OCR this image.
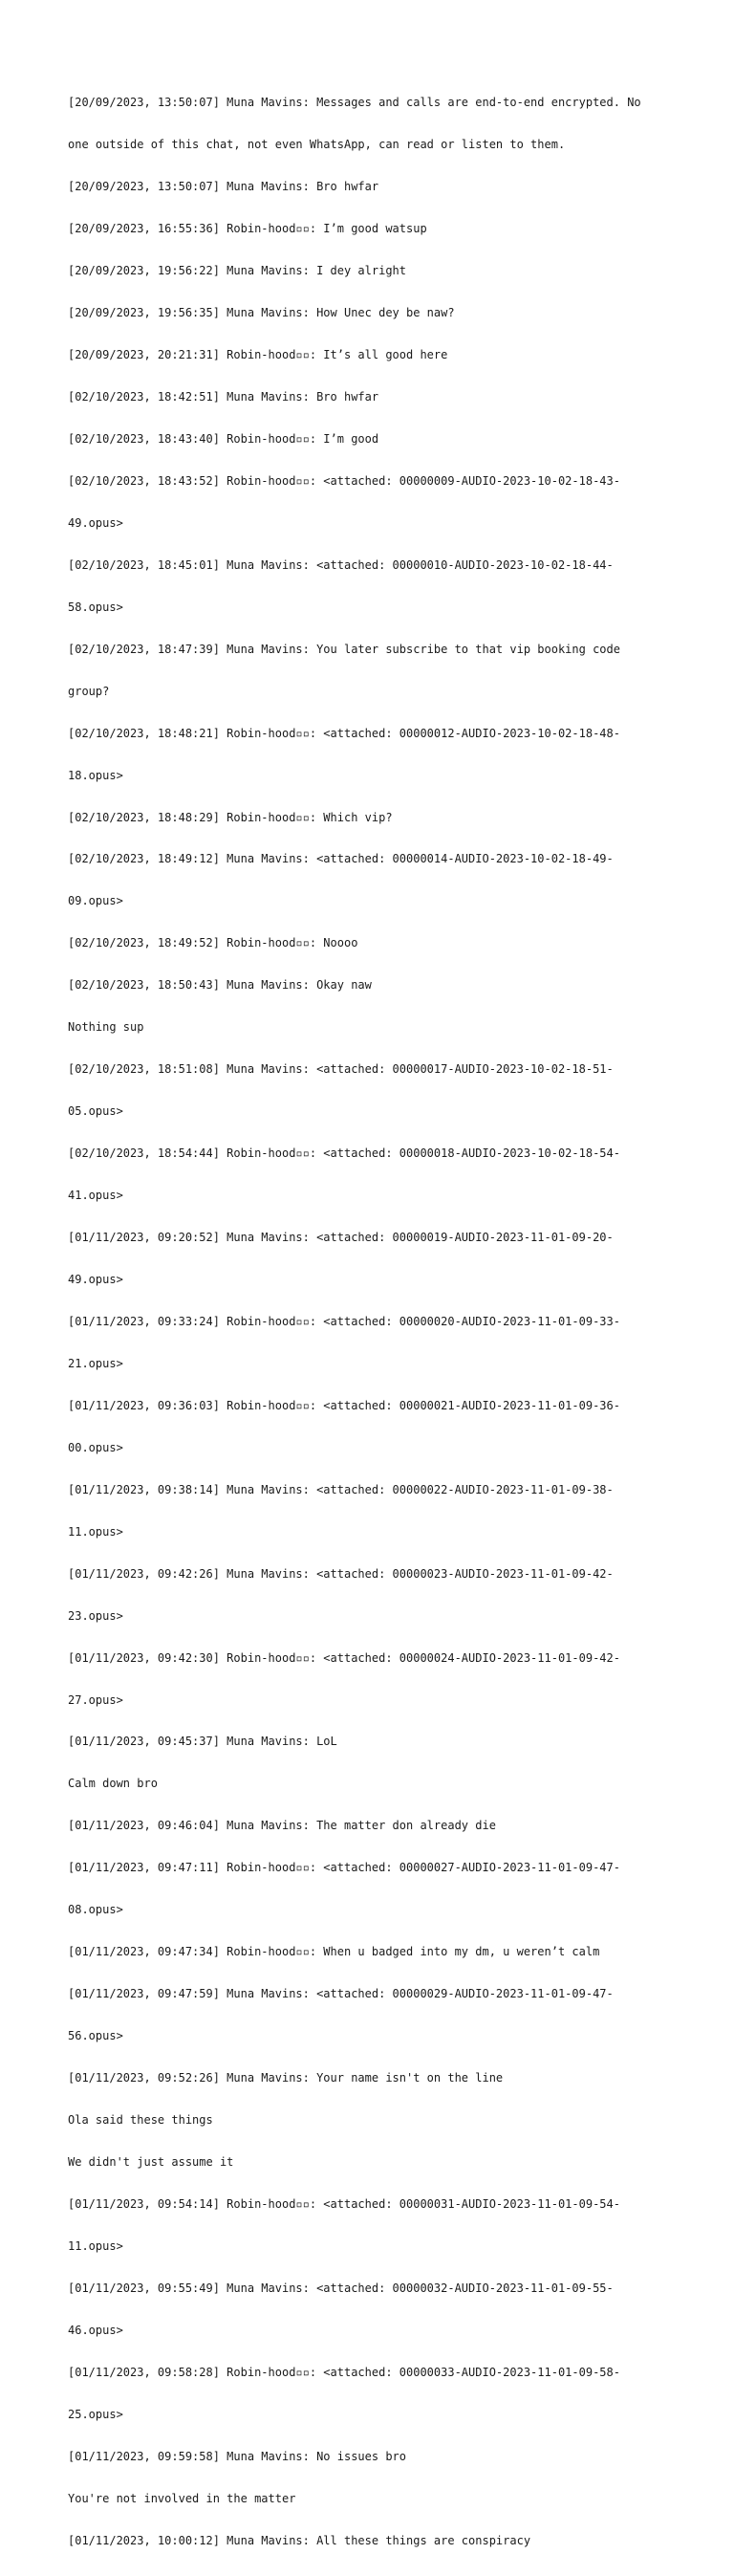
[20/09/2023, 13:50:07] Muna Mavins: Messages and calls are end-to-end encrypted. No

one outside of this chat, not even WhatsApp, can read or listen to them.

[20/09/2023, 13:50:07] Muna Mavins: Bro hwfar

[20/09/2023, 16:55:36] Robin-hood▫▫: I’m good watsup

[20/09/2023, 19:56:22] Muna Mavins: I dey alright

[20/09/2023, 19:56:35] Muna Mavins: How Unec dey be naw?

[20/09/2023, 20:21:31] Robin-hood▫▫: It’s all good here

[02/10/2023, 18:42:51] Muna Mavins: Bro hwfar

[02/10/2023, 18:43:40] Robin-hood▫▫: I’m good

[02/10/2023, 18:43:52] Robin-hood▫▫: <attached: 00000009-AUDIO-2023-10-02-18-43-

49.opus>

[02/10/2023, 18:45:01] Muna Mavins: <attached: 00000010-AUDIO-2023-10-02-18-44-

58.opus>

[02/10/2023, 18:47:39] Muna Mavins: You later subscribe to that vip booking code

group?

[02/10/2023, 18:48:21] Robin-hood▫▫: <attached: 00000012-AUDIO-2023-10-02-18-48-

18.opus>

[02/10/2023, 18:48:29] Robin-hood▫▫: Which vip?

[02/10/2023, 18:49:12] Muna Mavins: <attached: 00000014-AUDIO-2023-10-02-18-49-

09.opus>

[02/10/2023, 18:49:52] Robin-hood▫▫: Noooo

[02/10/2023, 18:50:43] Muna Mavins: Okay naw

Nothing sup

[02/10/2023, 18:51:08] Muna Mavins: <attached: 00000017-AUDIO-2023-10-02-18-51-

05.opus>

[02/10/2023, 18:54:44] Robin-hood▫▫: <attached: 00000018-AUDIO-2023-10-02-18-54-

41.opus>

[01/11/2023, 09:20:52] Muna Mavins: <attached: 00000019-AUDIO-2023-11-01-09-20-

49.opus>

[01/11/2023, 09:33:24] Robin-hood▫▫: <attached: 00000020-AUDIO-2023-11-01-09-33-

21.opus>

[01/11/2023, 09:36:03] Robin-hood▫▫: <attached: 00000021-AUDIO-2023-11-01-09-36-

00.opus>

[01/11/2023, 09:38:14] Muna Mavins: <attached: 00000022-AUDIO-2023-11-01-09-38-

11.opus>

[01/11/2023, 09:42:26] Muna Mavins: <attached: 00000023-AUDIO-2023-11-01-09-42-

23.opus>

[01/11/2023, 09:42:30] Robin-hood▫▫: <attached: 00000024-AUDIO-2023-11-01-09-42-

27.opus>

[01/11/2023, 09:45:37] Muna Mavins: LoL

Calm down bro

[01/11/2023, 09:46:04] Muna Mavins: The matter don already die

[01/11/2023, 09:47:11] Robin-hood▫▫: <attached: 00000027-AUDIO-2023-11-01-09-47-

08.opus>

[01/11/2023, 09:47:34] Robin-hood▫▫: When u badged into my dm, u weren’t calm

[01/11/2023, 09:47:59] Muna Mavins: <attached: 00000029-AUDIO-2023-11-01-09-47-

56.opus>

[01/11/2023, 09:52:26] Muna Mavins: Your name isn't on the line

Ola said these things

We didn't just assume it

[01/11/2023, 09:54:14] Robin-hood▫▫: <attached: 00000031-AUDIO-2023-11-01-09-54-

11.opus>

[01/11/2023, 09:55:49] Muna Mavins: <attached: 00000032-AUDIO-2023-11-01-09-55-

46.opus>

[01/11/2023, 09:58:28] Robin-hood▫▫: <attached: 00000033-AUDIO-2023-11-01-09-58-

25.opus>

[01/11/2023, 09:59:58] Muna Mavins: No issues bro

You're not involved in the matter

[01/11/2023, 10:00:12] Muna Mavins: All these things are conspiracy
